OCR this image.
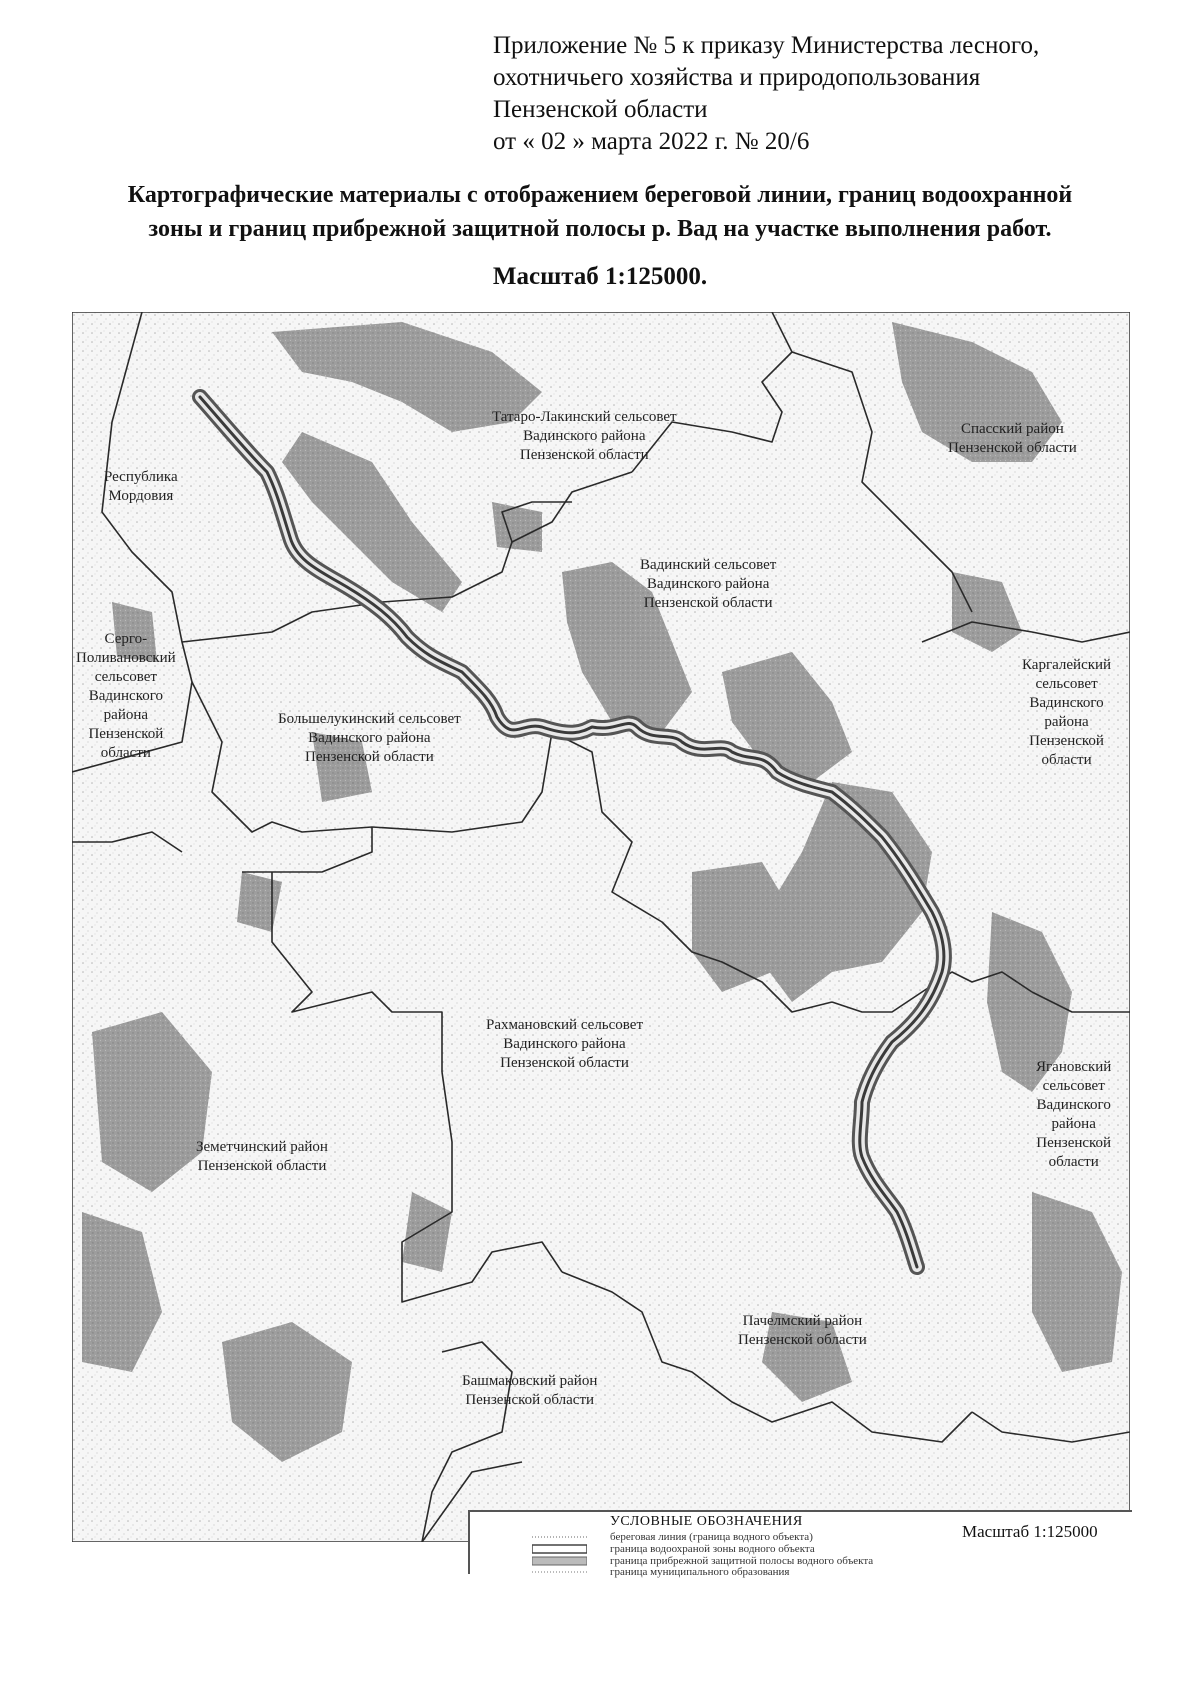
Приложение № 5 к приказу Министерства лесного,
охотничьего хозяйства и природопользования
Пензенской области
от « 02 » марта 2022 г. № 20/6
Картографические материалы с отображением береговой линии, границ водоохранной
зоны и границ прибрежной защитной полосы р. Вад на участке выполнения работ.
Масштаб 1:125000.
Татаро-Лакинский сельсовет
Вадинского района
Пензенской области
Спасский район
Пензенской области
Республика
Мордовия
Вадинский сельсовет
Вадинского района
Пензенской области
Серго-
Поливановский
сельсовет
Вадинского
района
Пензенской
области
Каргалейский
сельсовет
Вадинского
района
Пензенской
области
Большелукинский сельсовет
Вадинского района
Пензенской области
Рахмановский сельсовет
Вадинского района
Пензенской области	Ягановский
сельсовет
Вадинского
района
Пензенской
области
Земетчинский район
Пензенской области
Пачелмский район
Пензенской области
Башмаковский район
Пензенской области
УСЛОВНЫЕ ОБОЗНАЧЕНИЯ
береговая линия (граница водного объекта)
граница водоохраной зоны водного объекта
граница прибрежной защитной полосы водного объекта
граница муниципального образования
Масштаб 1:125000
